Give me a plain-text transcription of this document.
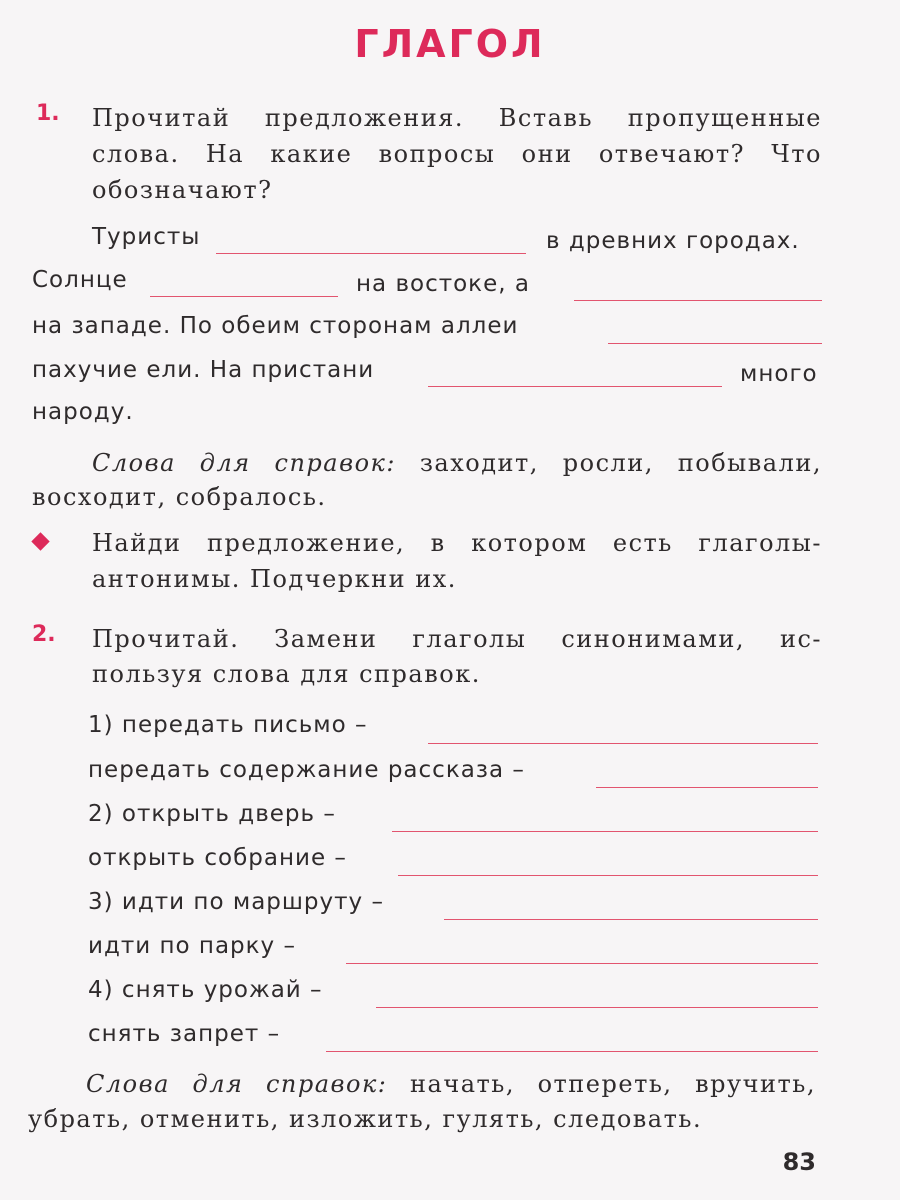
ГЛАГОЛ
1. Прочитай предложения. Вставь пропущенные

слова. На какие вопросы они отвечают? Что

обозначают?

Туристы	в древних городах.
Солнце	на востоке, а
на западе. По обеим сторонам аллеи
пахучие ели. На пристани	много
народу.

Слова для справок: заходит, росли, побывали,

восходит, собралось.

Найди предложение, в котором есть глаголы-

антонимы. Подчеркни их.

2. Прочитай. Замени глаголы синонимами, ис-

пользуя слова для справок.

1) передать письмо –
передать содержание рассказа –
2) открыть дверь –
открыть собрание –
3) идти по маршруту –
идти по парку –
4) снять урожай –
снять запрет –

Слова для справок: начать, отпереть, вручить,

убрать, отменить, изложить, гулять, следовать.

83
